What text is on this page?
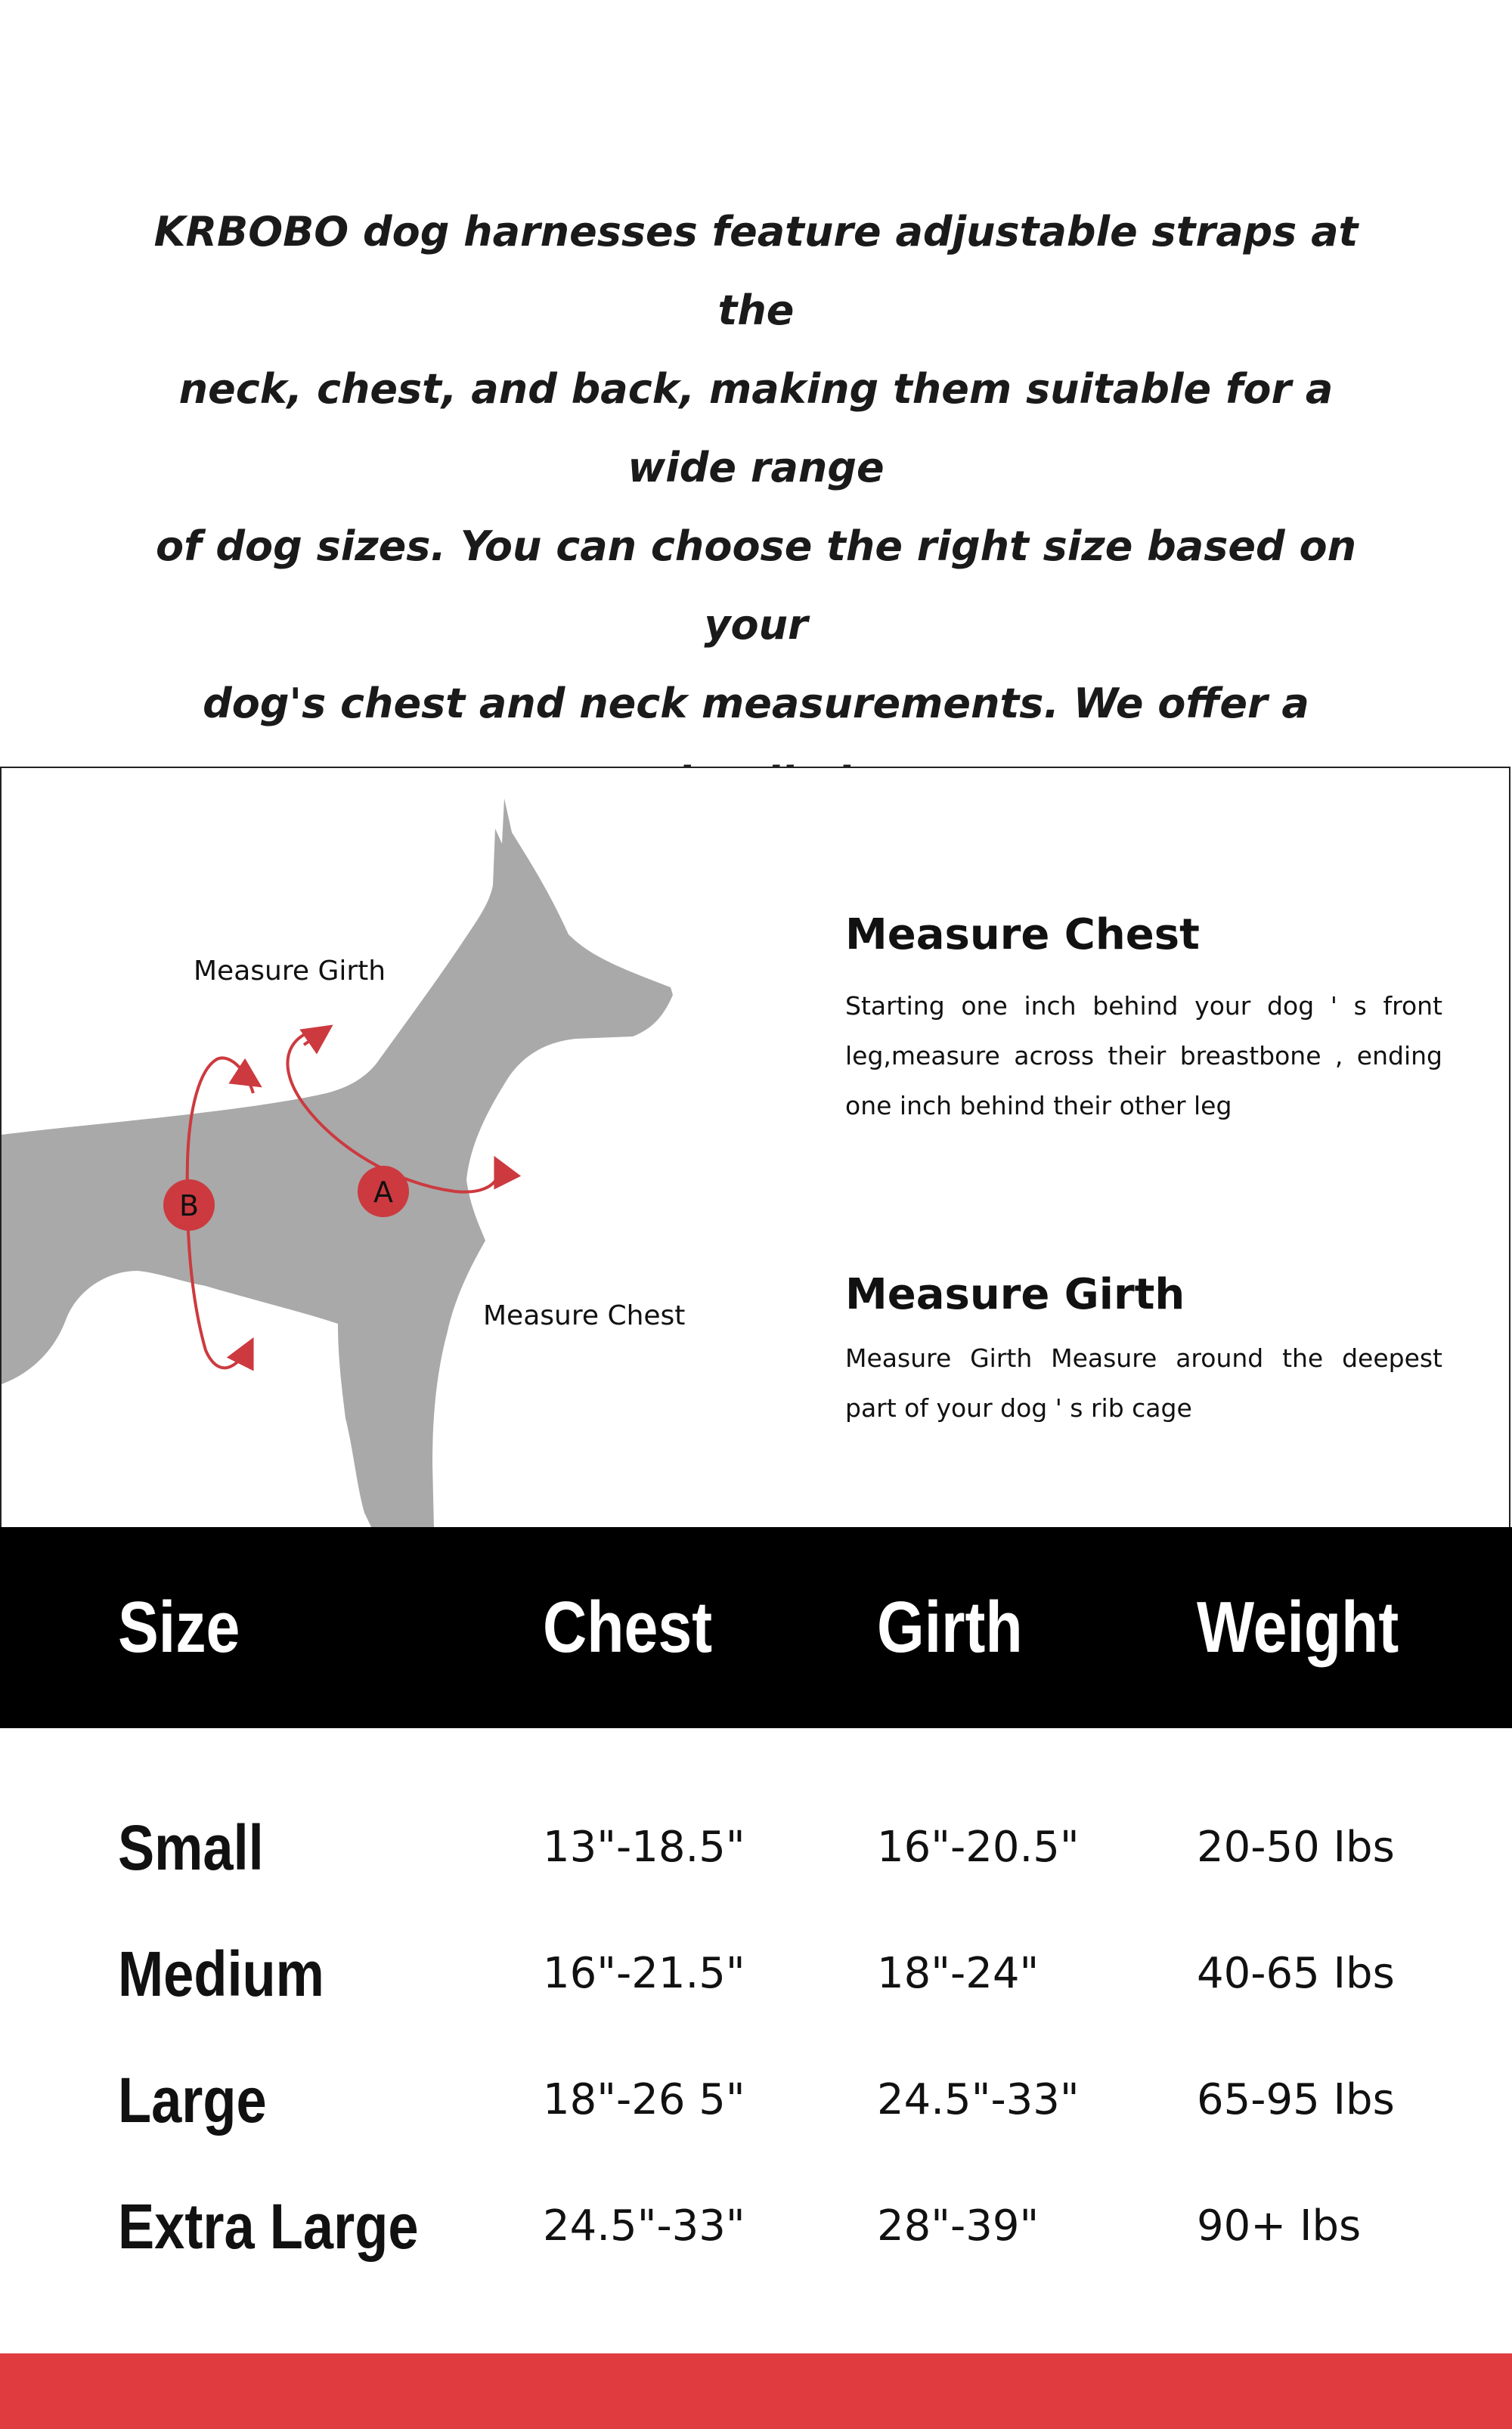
KRBOBO dog harnesses feature adjustable straps at the
neck, chest, and back, making them suitable for a wide range
of dog sizes. You can choose the right size based on your
dog's chest and neck measurements. We offer a
A
B
Measure Girth
Measure Chest
Measure Chest
Starting one inch behind your dog ' s front leg,measure across their breastbone , ending one inch behind their other leg
Measure Girth
Measure Girth Measure around the deepest part of your dog ' s rib cage
Size	Chest Girth Weight
Small	13"-18.5"	16"-20.5"	20-50 Ibs
Medium	16"-21.5"	18"-24"	40-65 Ibs
Large	18"-26 5"	24.5"-33"	65-95 Ibs
Extra Large	24.5"-33"	28"-39"	90+ Ibs
